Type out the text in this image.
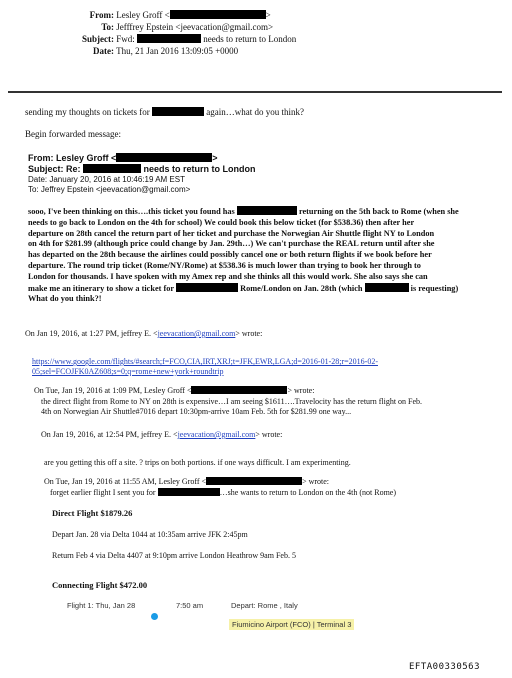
From: Lesley Groff <	>
To: Jefffrey Epstein <jeevacation@gmail.com>
Subject: Fwd:	needs to return to London
Date: Thu, 21 Jan 2016 13:09:05 +0000
sending my thoughts on tickets for	again…what do you think?
Begin forwarded message:
From: Lesley Groff <	>
Subject: Re:	needs to return to London
Date: January 20, 2016 at 10:46:19 AM EST
To: Jeffrey Epstein <jeevacation@gmail.com>
sooo, I've been thinking on this….this ticket you found has	returning on the 5th back to Rome (when she
needs to go back to London on the 4th for school) We could book this below ticket (for $538.36) then after her
departure on 28th cancel the return part of her ticket and purchase the Norwegian Air Shuttle flight NY to London
on 4th for $281.99 (although price could change by Jan. 29th…) We can't purchase the REAL return until after she
has departed on the 28th because the airlines could possibly cancel one or both return flights if we book before her
departure. The round trip ticket (Rome/NY/Rome) at $538.36 is much lower than trying to book her through to
London for thousands. I have spoken with my Amex rep and she thinks all this would work. She also says she can
make me an itinerary to show a ticket for	Rome/London on Jan. 28th (which	is requesting)
What do you think?!
On Jan 19, 2016, at 1:27 PM, jeffrey E. <jeevacation@gmail.com> wrote:
https://www.google.com/flights/#search;f=FCO,CIA,IRT,XRJ;t=JFK,EWR,LGA;d=2016-01-28;r=2016-02-
05;sel=FCOJFK0AZ608;s=0;q=rome+new+york+roundtrip
On Tue, Jan 19, 2016 at 1:09 PM, Lesley Groff <	> wrote:
the direct flight from Rome to NY on 28th is expensive…I am seeing $1611….Travelocity has the return flight on Feb.
4th on Norwegian Air Shuttle#7016 depart 10:30pm-arrive 10am Feb. 5th for $281.99 one way...
On Jan 19, 2016, at 12:54 PM, jeffrey E. <jeevacation@gmail.com> wrote:
are you getting this off a site. ? trips on both portions. if one ways difficult. I am experimenting.
On Tue, Jan 19, 2016 at 11:55 AM, Lesley Groff <	> wrote:
forget earlier flight I sent you for	…she wants to return to London on the 4th (not Rome)
Direct Flight $1879.26
Depart Jan. 28 via Delta 1044 at 10:35am arrive JFK 2:45pm
Return Feb 4 via Delta 4407 at 9:10pm arrive London Heathrow 9am Feb. 5
Connecting Flight $472.00
Flight 1: Thu, Jan 28	7:50 am	Depart: Rome , Italy
Fiumicino Airport (FCO) | Terminal 3
EFTA00330563
